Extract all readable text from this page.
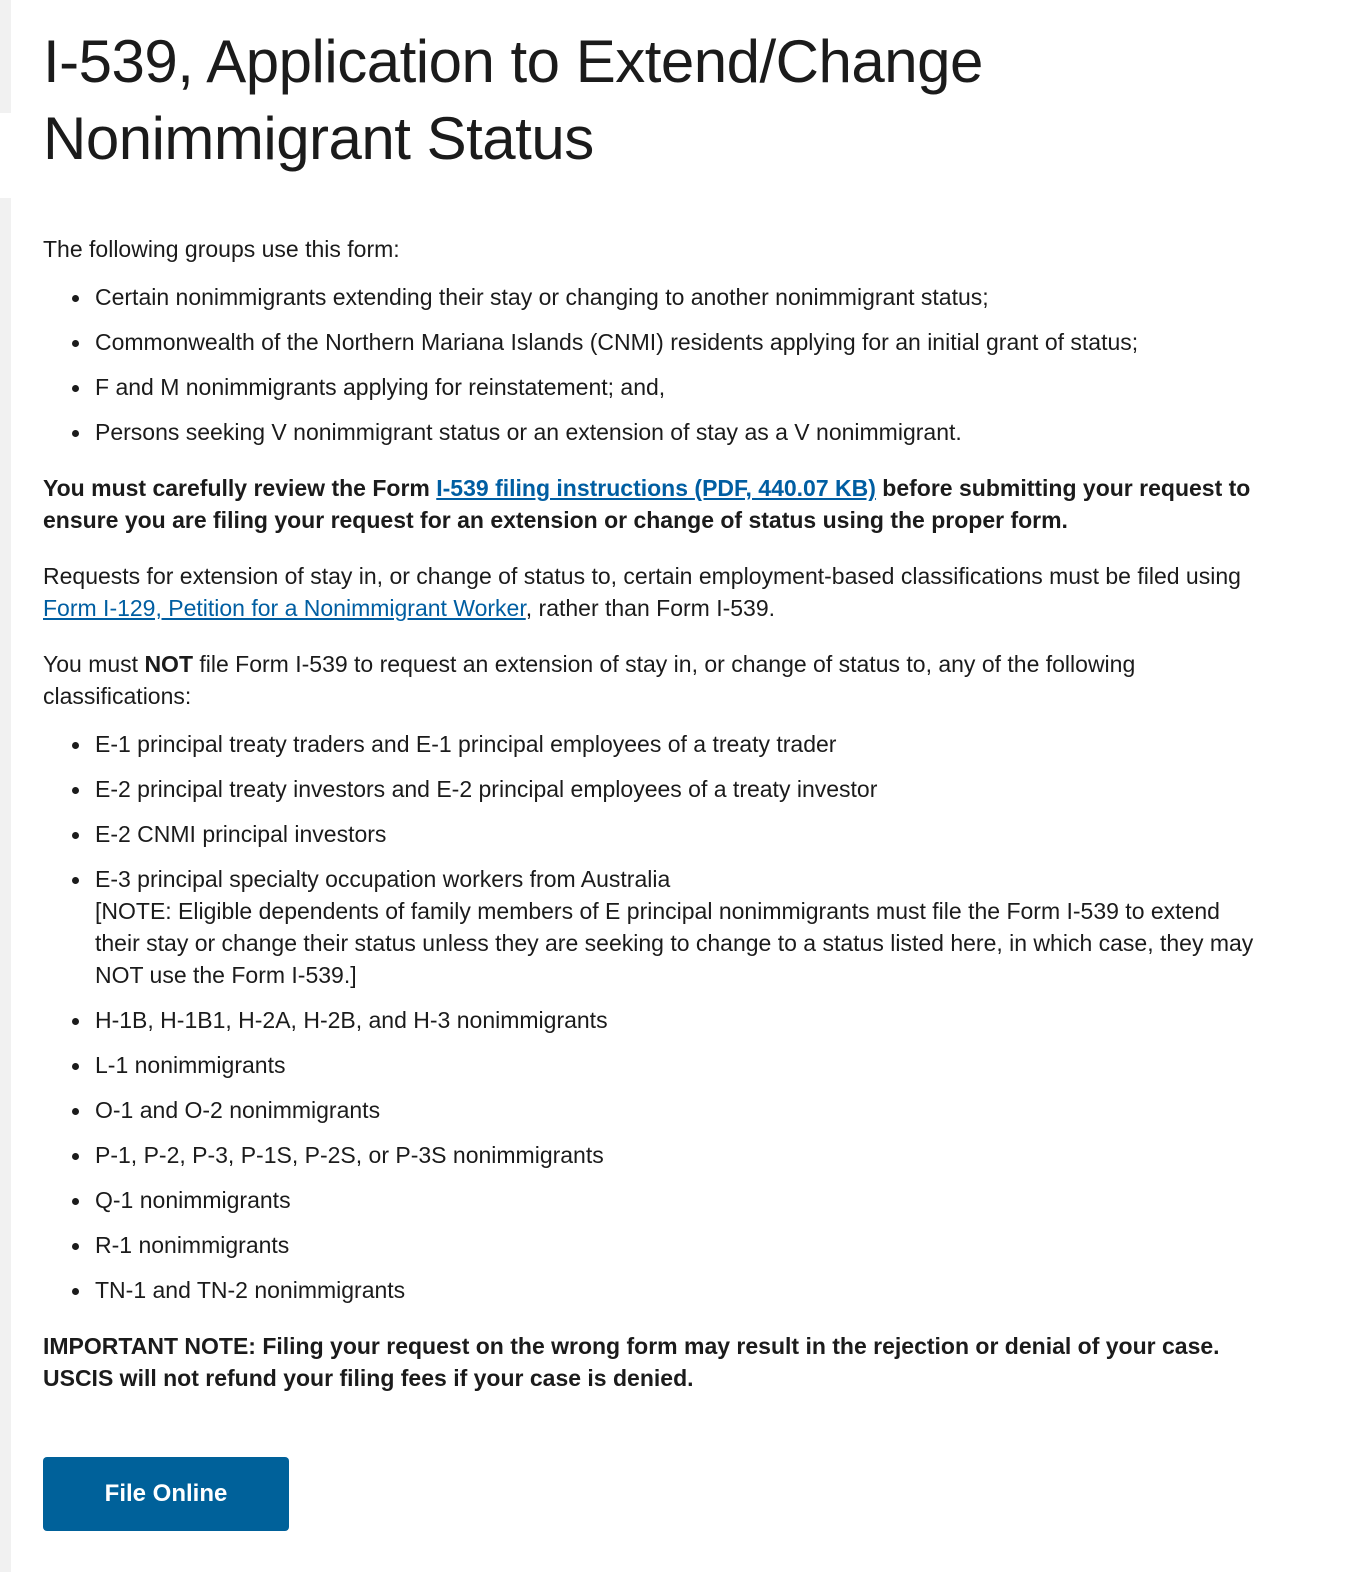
I-539, Application to Extend/Change Nonimmigrant Status

The following groups use this form:

Certain nonimmigrants extending their stay or changing to another nonimmigrant status;
Commonwealth of the Northern Mariana Islands (CNMI) residents applying for an initial grant of status;
F and M nonimmigrants applying for reinstatement; and,
Persons seeking V nonimmigrant status or an extension of stay as a V nonimmigrant.

You must carefully review the Form I-539 filing instructions (PDF, 440.07 KB) before submitting your request to ensure you are filing your request for an extension or change of status using the proper form.

Requests for extension of stay in, or change of status to, certain employment-based classifications must be filed using Form I-129, Petition for a Nonimmigrant Worker, rather than Form I-539.

You must NOT file Form I-539 to request an extension of stay in, or change of status to, any of the following classifications:

E-1 principal treaty traders and E-1 principal employees of a treaty trader
E-2 principal treaty investors and E-2 principal employees of a treaty investor
E-2 CNMI principal investors
E-3 principal specialty occupation workers from Australia
[NOTE: Eligible dependents of family members of E principal nonimmigrants must file the Form I-539 to extend their stay or change their status unless they are seeking to change to a status listed here, in which case, they may NOT use the Form I-539.]
H-1B, H-1B1, H-2A, H-2B, and H-3 nonimmigrants
L-1 nonimmigrants
O-1 and O-2 nonimmigrants
P-1, P-2, P-3, P-1S, P-2S, or P-3S nonimmigrants
Q-1 nonimmigrants
R-1 nonimmigrants
TN-1 and TN-2 nonimmigrants

IMPORTANT NOTE: Filing your request on the wrong form may result in the rejection or denial of your case. USCIS will not refund your filing fees if your case is denied.

File Online
